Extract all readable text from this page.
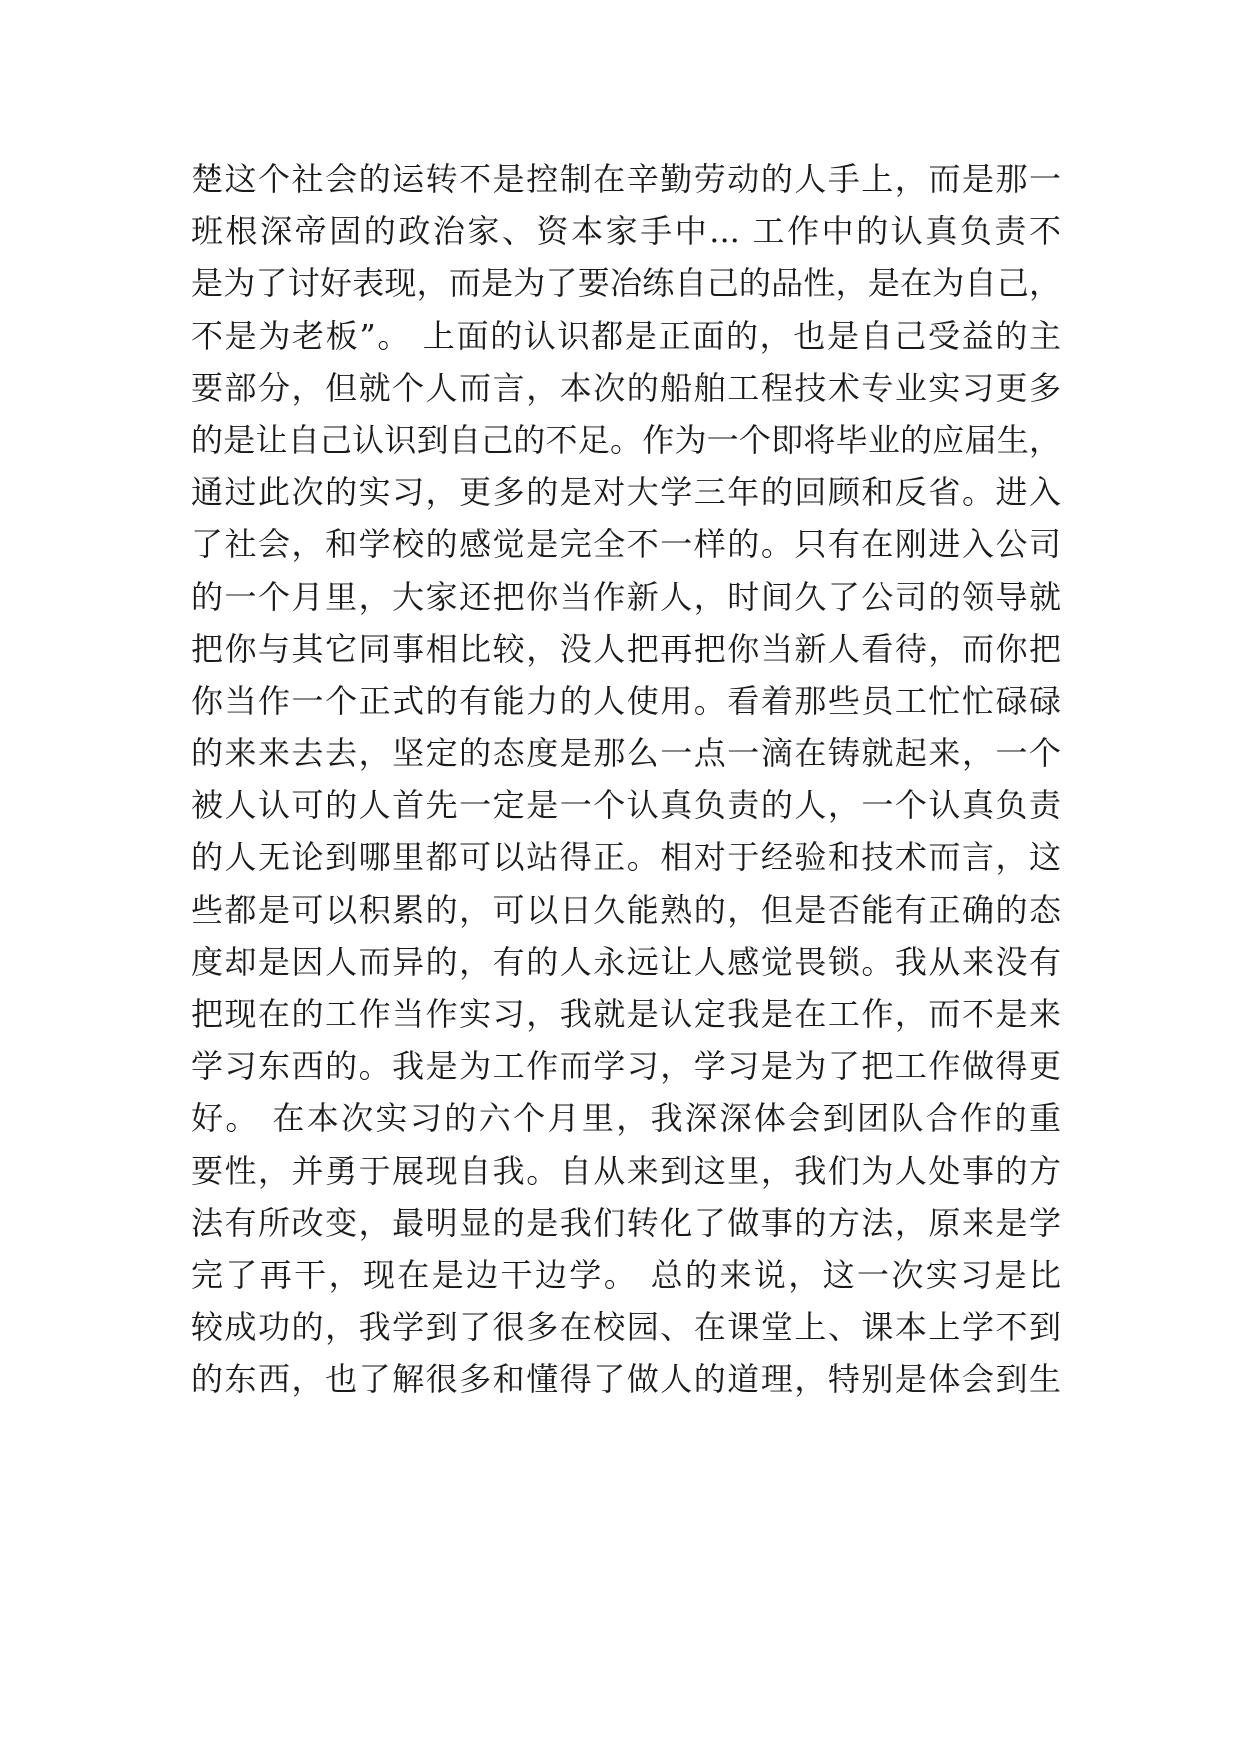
楚这个社会的运转不是控制在辛勤劳动的人手上，而是那一
班根深帝固的政治家、资本家手中... 工作中的认真负责不
是为了讨好表现，而是为了要冶练自己的品性，是在为自己，
不是为老板”。 上面的认识都是正面的，也是自己受益的主
要部分，但就个人而言，本次的船舶工程技术专业实习更多
的是让自己认识到自己的不足。作为一个即将毕业的应届生，
通过此次的实习，更多的是对大学三年的回顾和反省。进入
了社会，和学校的感觉是完全不一样的。只有在刚进入公司
的一个月里，大家还把你当作新人，时间久了公司的领导就
把你与其它同事相比较，没人把再把你当新人看待，而你把
你当作一个正式的有能力的人使用。看着那些员工忙忙碌碌
的来来去去，坚定的态度是那么一点一滴在铸就起来，一个
被人认可的人首先一定是一个认真负责的人，一个认真负责
的人无论到哪里都可以站得正。相对于经验和技术而言，这
些都是可以积累的，可以日久能熟的，但是否能有正确的态
度却是因人而异的，有的人永远让人感觉畏锁。我从来没有
把现在的工作当作实习，我就是认定我是在工作，而不是来
学习东西的。我是为工作而学习，学习是为了把工作做得更
好。 在本次实习的六个月里，我深深体会到团队合作的重
要性，并勇于展现自我。自从来到这里，我们为人处事的方
法有所改变，最明显的是我们转化了做事的方法，原来是学
完了再干，现在是边干边学。 总的来说，这一次实习是比
较成功的，我学到了很多在校园、在课堂上、课本上学不到
的东西，也了解很多和懂得了做人的道理，特别是体会到生
